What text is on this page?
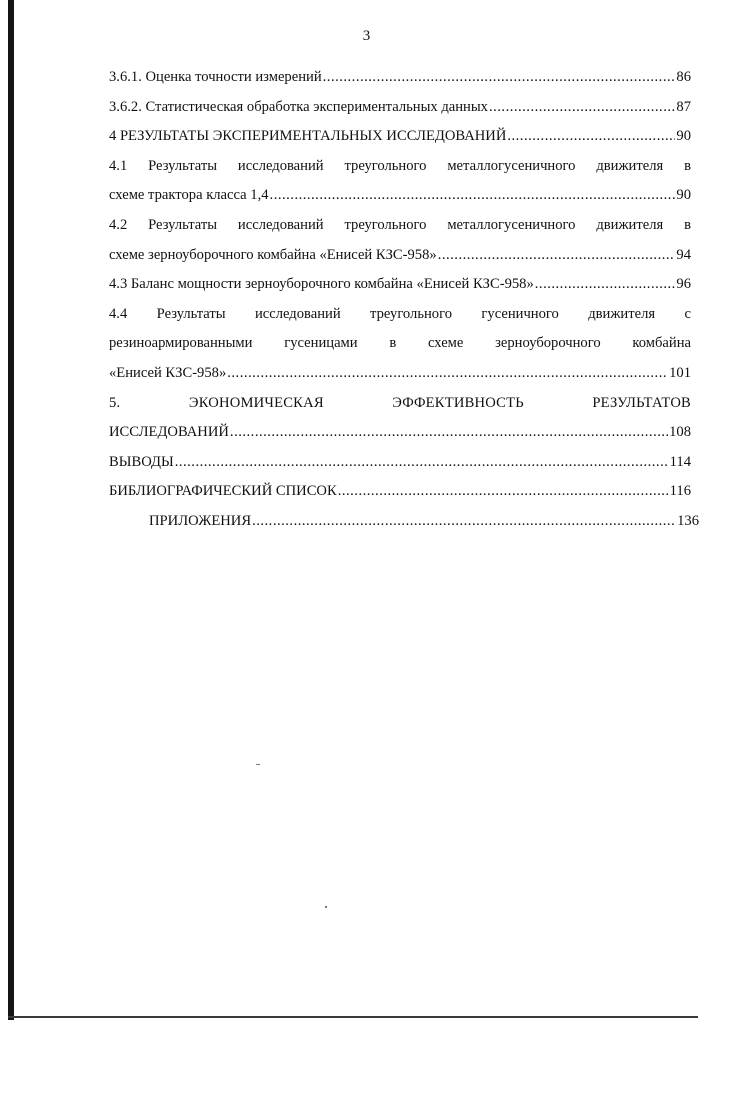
3
3.6.1. Оценка точности измерений .....	86
3.6.2. Статистическая обработка экспериментальных данных .....	87
4 РЕЗУЛЬТАТЫ ЭКСПЕРИМЕНТАЛЬНЫХ ИССЛЕДОВАНИЙ .....	90
4.1 Результаты исследований треугольного металлогусеничного движителя в
схеме трактора класса 1,4 .....	90
4.2 Результаты исследований треугольного металлогусеничного движителя в
схеме зерноуборочного комбайна «Енисей КЗС-958» .....	94
4.3 Баланс мощности зерноуборочного комбайна «Енисей КЗС-958» .....	96
4.4 Результаты исследований треугольного гусеничного движителя с
резиноармированными гусеницами в схеме зерноуборочного комбайна
«Енисей КЗС-958» .....	101
5. ЭКОНОМИЧЕСКАЯ ЭФФЕКТИВНОСТЬ РЕЗУЛЬТАТОВ
ИССЛЕДОВАНИЙ .....	108
ВЫВОДЫ .....	114
БИБЛИОГРАФИЧЕСКИЙ СПИСОК .....	116
ПРИЛОЖЕНИЯ .....	136
